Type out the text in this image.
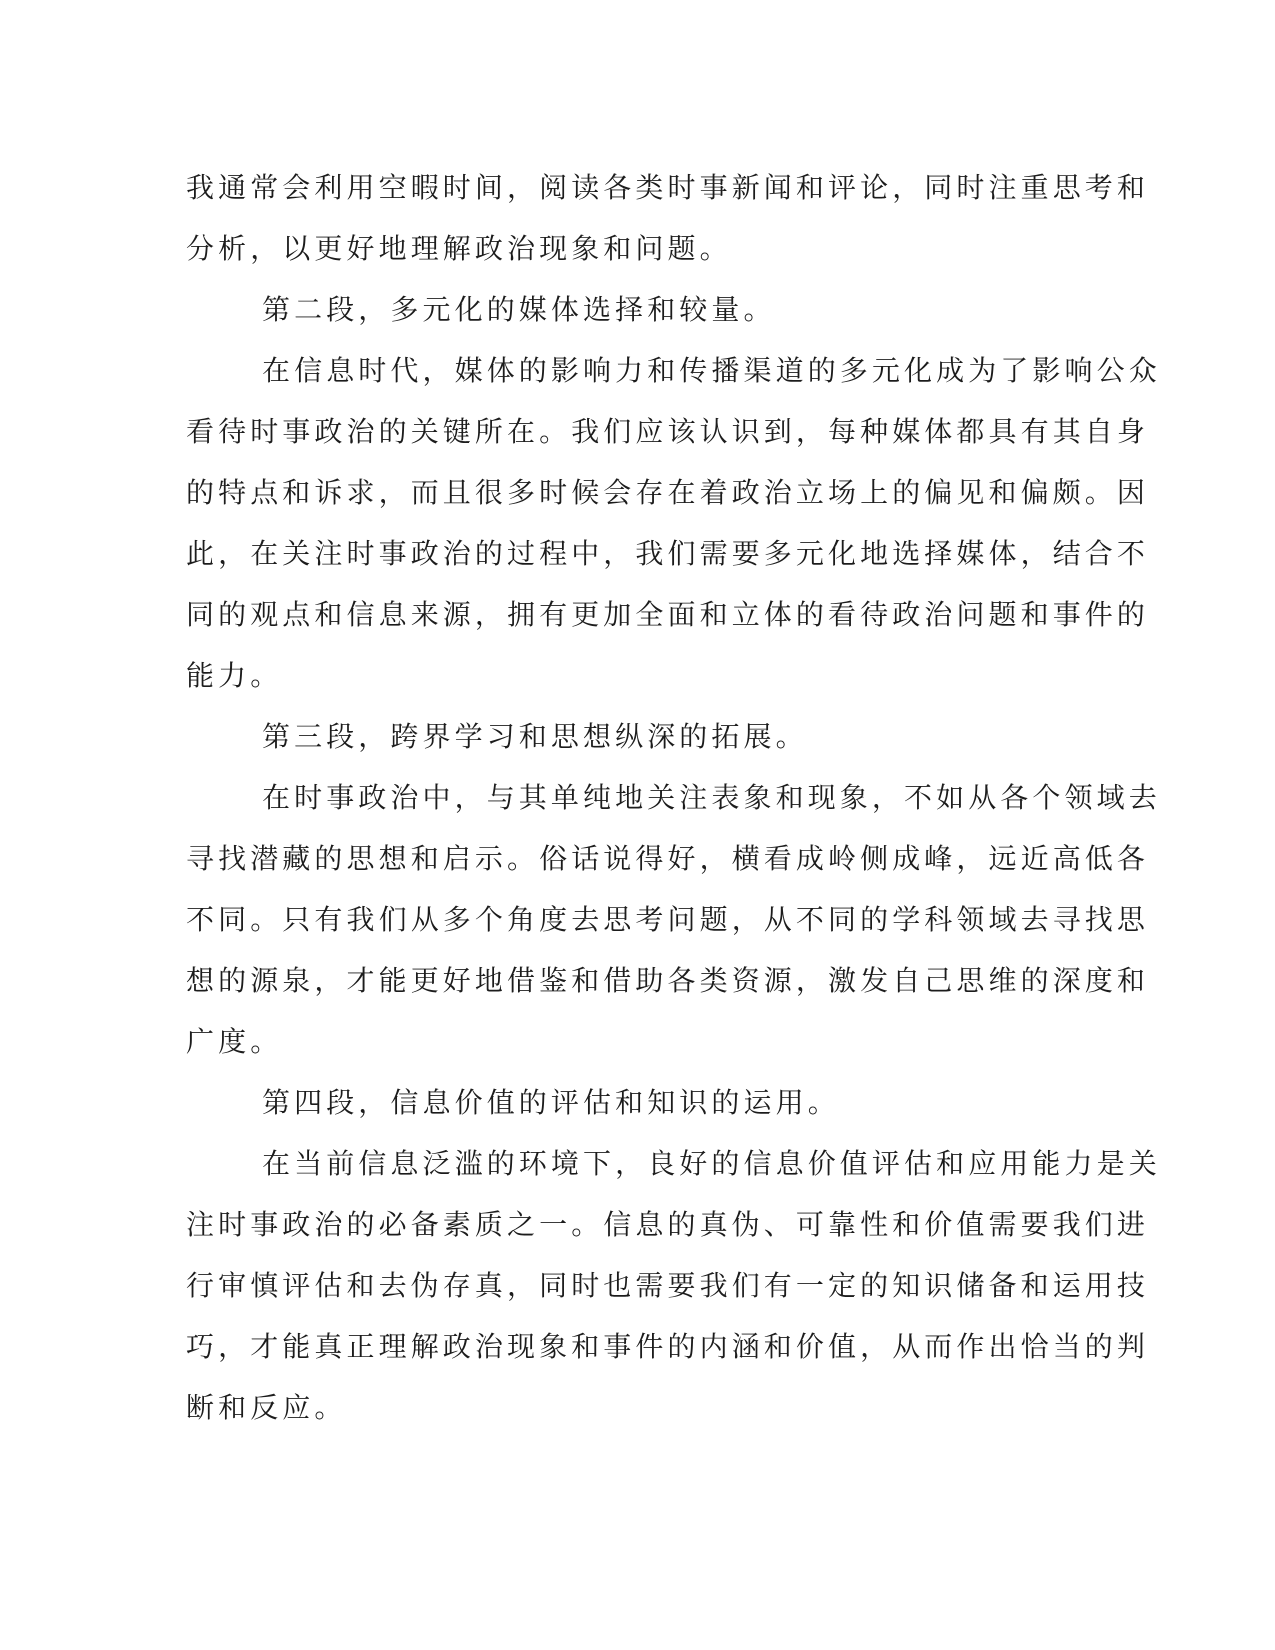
我通常会利用空暇时间，阅读各类时事新闻和评论，同时注重思考和
分析，以更好地理解政治现象和问题。
第二段，多元化的媒体选择和较量。
在信息时代，媒体的影响力和传播渠道的多元化成为了影响公众
看待时事政治的关键所在。我们应该认识到，每种媒体都具有其自身
的特点和诉求，而且很多时候会存在着政治立场上的偏见和偏颇。因
此，在关注时事政治的过程中，我们需要多元化地选择媒体，结合不
同的观点和信息来源，拥有更加全面和立体的看待政治问题和事件的
能力。
第三段，跨界学习和思想纵深的拓展。
在时事政治中，与其单纯地关注表象和现象，不如从各个领域去
寻找潜藏的思想和启示。俗话说得好，横看成岭侧成峰，远近高低各
不同。只有我们从多个角度去思考问题，从不同的学科领域去寻找思
想的源泉，才能更好地借鉴和借助各类资源，激发自己思维的深度和
广度。
第四段，信息价值的评估和知识的运用。
在当前信息泛滥的环境下，良好的信息价值评估和应用能力是关
注时事政治的必备素质之一。信息的真伪、可靠性和价值需要我们进
行审慎评估和去伪存真，同时也需要我们有一定的知识储备和运用技
巧，才能真正理解政治现象和事件的内涵和价值，从而作出恰当的判
断和反应。
